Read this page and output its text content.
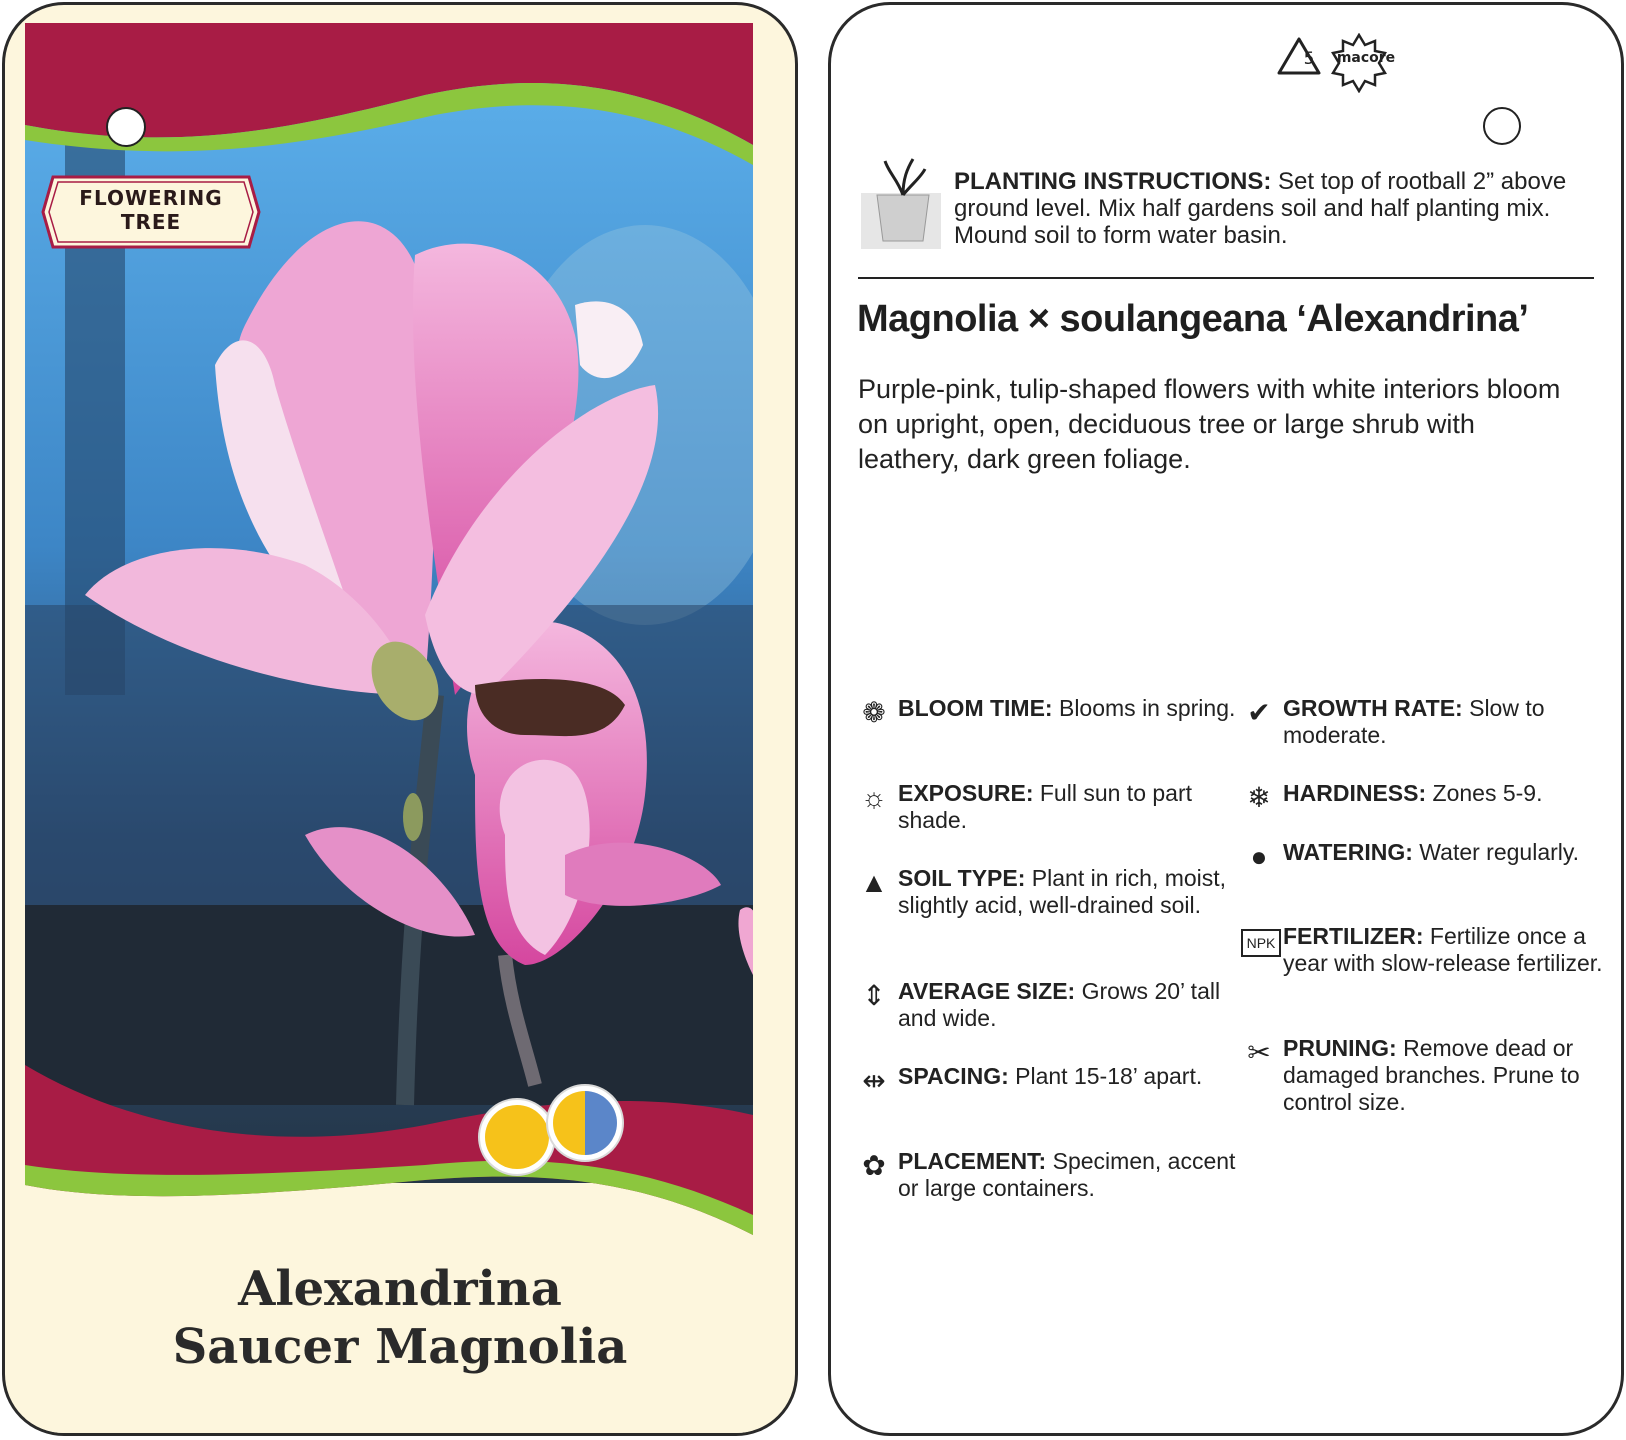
FLOWERING
TREE
Alexandrina
Saucer Magnolia
5	macore
PLANTING INSTRUCTIONS: Set top of rootball 2” above ground level. Mix half gardens soil and half planting mix. Mound soil to form water basin.
Magnolia × soulangeana ‘Alexandrina’
Purple-pink, tulip-shaped flowers with white interiors bloom on upright, open, deciduous tree or large shrub with leathery, dark green foliage.
❁ BLOOM TIME: Blooms in spring.
☼ EXPOSURE: Full sun to part shade.
▲ SOIL TYPE: Plant in rich, moist, slightly acid, well-drained soil.
⇕ AVERAGE SIZE: Grows 20’ tall and wide.
⇹ SPACING: Plant 15-18’ apart.
✿ PLACEMENT: Specimen, accent or large containers.
✔ GROWTH RATE: Slow to moderate.
❄ HARDINESS: Zones 5-9.
● WATERING: Water regularly.
NPK FERTILIZER: Fertilize once a year with slow-release fertilizer.
✂ PRUNING: Remove dead or damaged branches. Prune to control size.
